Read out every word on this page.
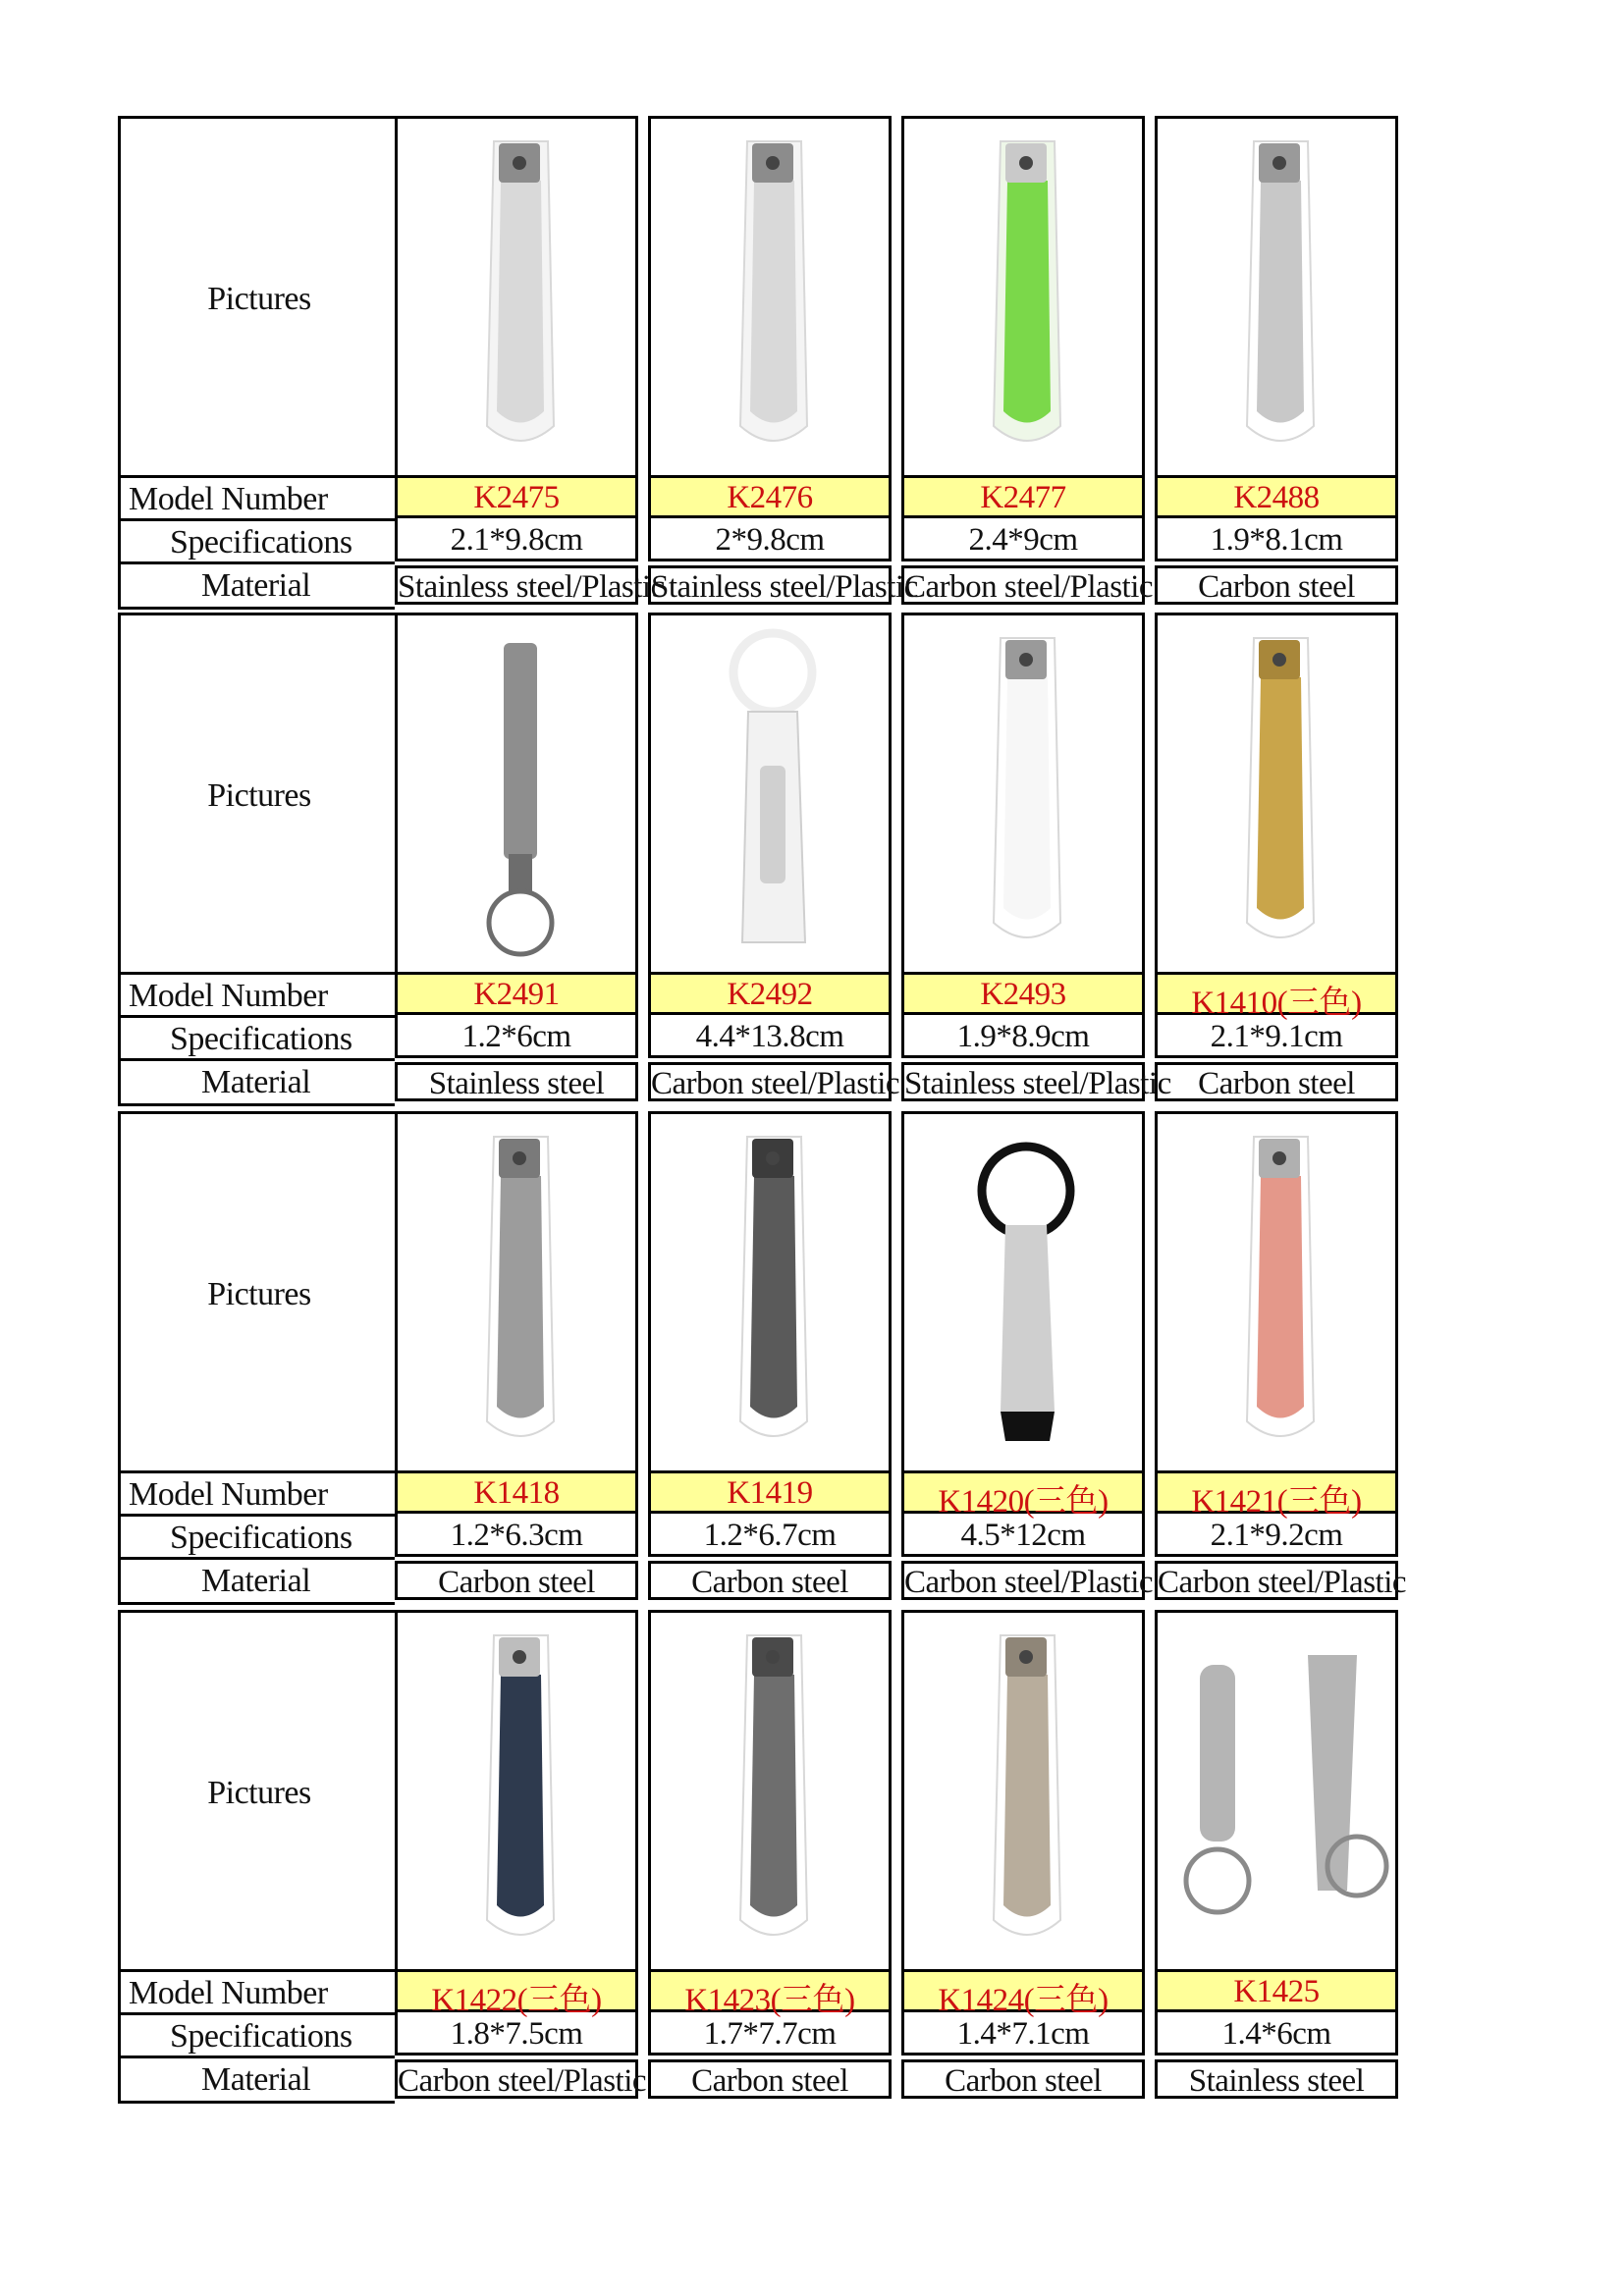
Pictures
Model Number
Specifications
Material
K2475
2.1*9.8cm
Stainless steel/Plastic
K2476
2*9.8cm
Stainless steel/Plastic
K2477
2.4*9cm
Carbon steel/Plastic
K2488
1.9*8.1cm
Carbon steel
Pictures
Model Number
Specifications
Material
K2491
1.2*6cm
Stainless steel
K2492
4.4*13.8cm
Carbon steel/Plastic
K2493
1.9*8.9cm
Stainless steel/Plastic
K1410(三色)
2.1*9.1cm
Carbon steel
Pictures
Model Number
Specifications
Material
K1418
1.2*6.3cm
Carbon steel
K1419
1.2*6.7cm
Carbon steel
K1420(三色)
4.5*12cm
Carbon steel/Plastic
K1421(三色)
2.1*9.2cm
Carbon steel/Plastic
Pictures
Model Number
Specifications
Material
K1422(三色)
1.8*7.5cm
Carbon steel/Plastic
K1423(三色)
1.7*7.7cm
Carbon steel
K1424(三色)
1.4*7.1cm
Carbon steel
K1425
1.4*6cm
Stainless steel
